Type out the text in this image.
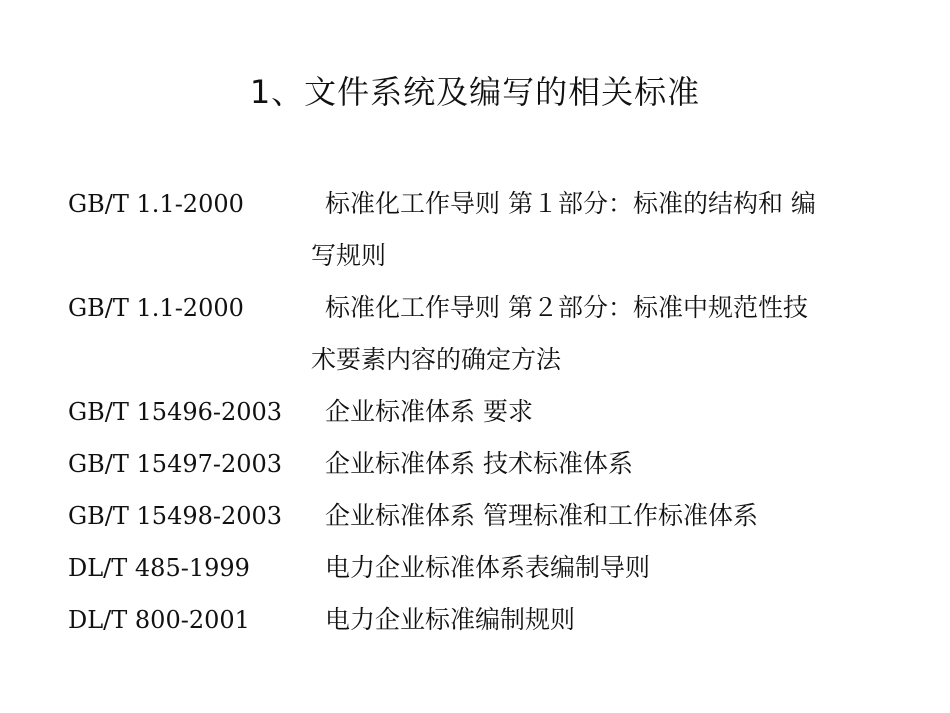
1、文件系统及编写的相关标准
GB/T 1.1-2000	标准化工作导则 第１部分：标准的结构和 编
写规则
GB/T 1.1-2000	标准化工作导则 第２部分：标准中规范性技
术要素内容的确定方法
GB/T 15496-2003	企业标准体系 要求
GB/T 15497-2003	企业标准体系 技术标准体系
GB/T 15498-2003	企业标准体系 管理标准和工作标准体系
DL/T 485-1999	电力企业标准体系表编制导则
DL/T 800-2001	电力企业标准编制规则
